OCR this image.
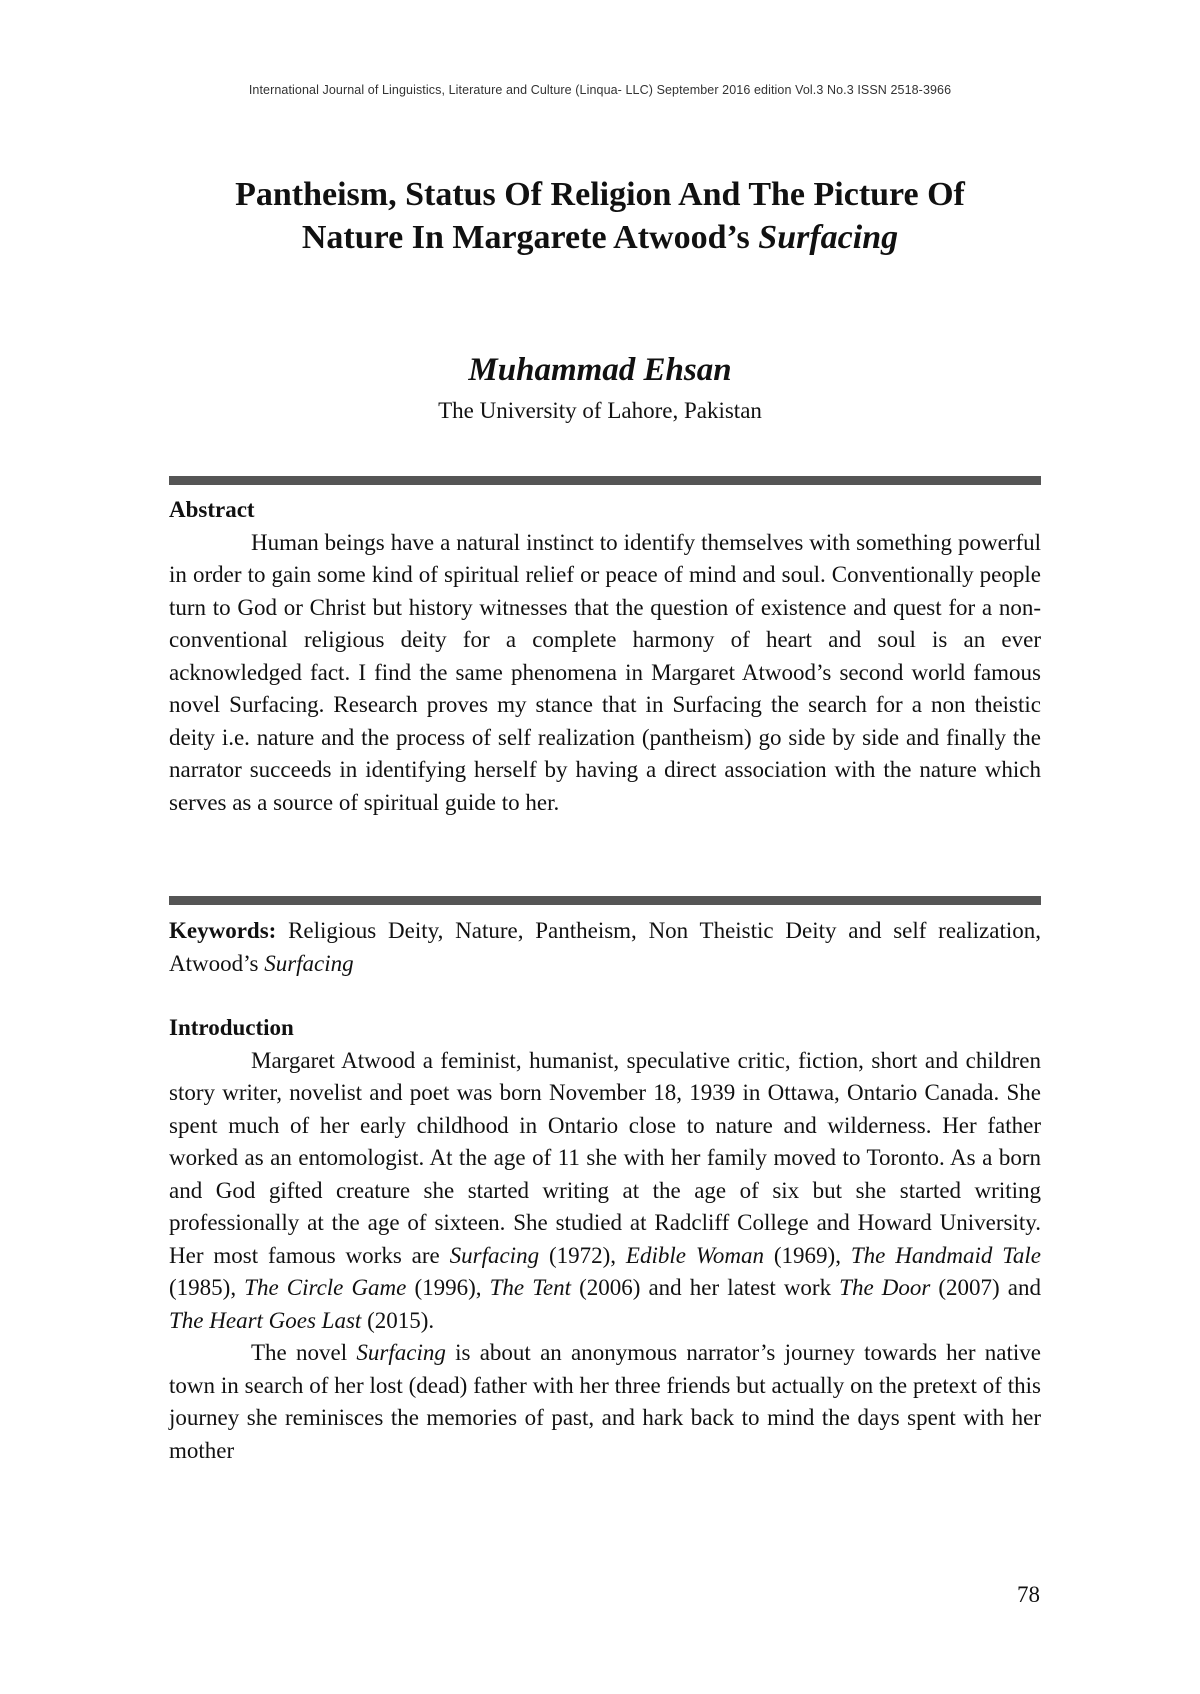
International Journal of Linguistics, Literature and Culture (Linqua- LLC) September 2016 edition Vol.3 No.3 ISSN 2518-3966
Pantheism, Status Of Religion And The Picture Of
Nature In Margarete Atwood’s Surfacing
Muhammad Ehsan
The University of Lahore, Pakistan
Abstract

Human beings have a natural instinct to identify themselves with something powerful in order to gain some kind of spiritual relief or peace of mind and soul. Conventionally people turn to God or Christ but history witnesses that the question of existence and quest for a non-conventional religious deity for a complete harmony of heart and soul is an ever acknowledged fact. I find the same phenomena in Margaret Atwood’s second world famous novel Surfacing. Research proves my stance that in Surfacing the search for a non theistic deity i.e. nature and the process of self realization (pantheism) go side by side and finally the narrator succeeds in identifying herself by having a direct association with the nature which serves as a source of spiritual guide to her.

Keywords: Religious Deity, Nature, Pantheism, Non Theistic Deity and self realization, Atwood’s Surfacing
Introduction

Margaret Atwood a feminist, humanist, speculative critic, fiction, short and children story writer, novelist and poet was born November 18, 1939 in Ottawa, Ontario Canada. She spent much of her early childhood in Ontario close to nature and wilderness. Her father worked as an entomologist. At the age of 11 she with her family moved to Toronto. As a born and God gifted creature she started writing at the age of six but she started writing professionally at the age of sixteen. She studied at Radcliff College and Howard University. Her most famous works are Surfacing (1972), Edible Woman (1969), The Handmaid Tale (1985), The Circle Game (1996), The Tent (2006) and her latest work The Door (2007) and The Heart Goes Last (2015).

The novel Surfacing is about an anonymous narrator’s journey towards her native town in search of her lost (dead) father with her three friends but actually on the pretext of this journey she reminisces the memories of past, and hark back to mind the days spent with her mother

78
